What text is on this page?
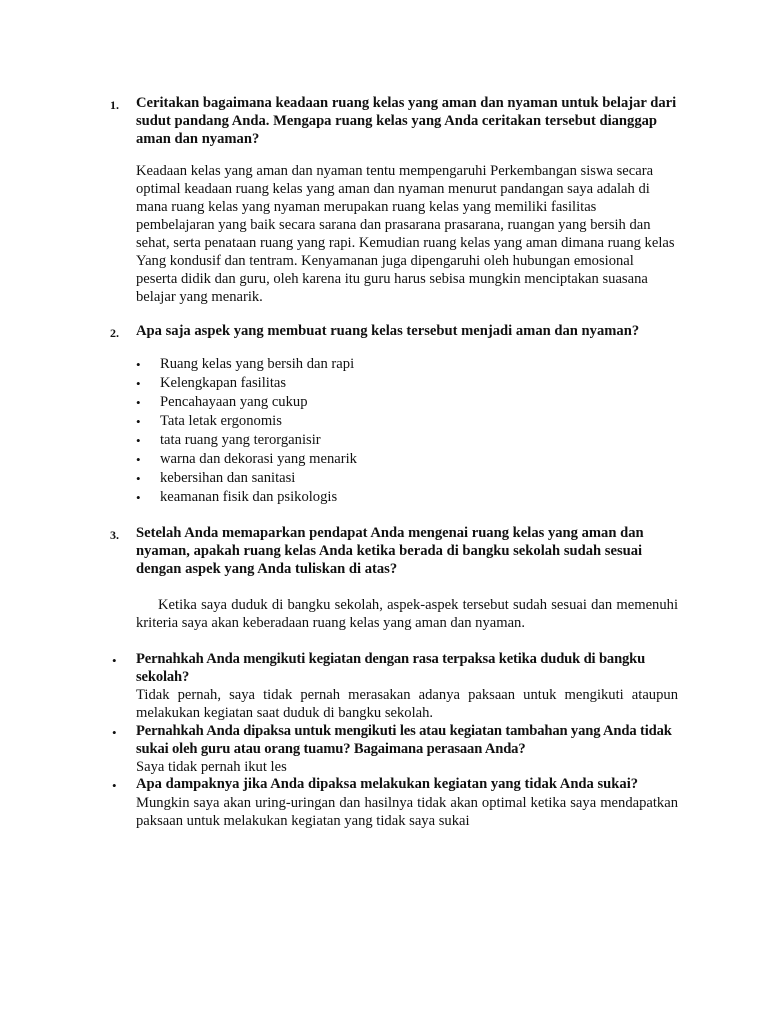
1. Ceritakan bagaimana keadaan ruang kelas yang aman dan nyaman untuk belajar dari sudut pandang Anda. Mengapa ruang kelas yang Anda ceritakan tersebut dianggap aman dan nyaman?
Keadaan kelas yang aman dan nyaman tentu mempengaruhi Perkembangan siswa secara optimal keadaan ruang kelas yang aman dan nyaman menurut pandangan saya adalah di mana ruang kelas yang nyaman merupakan ruang kelas yang memiliki fasilitas pembelajaran yang baik secara sarana dan prasarana prasarana, ruangan yang bersih dan sehat, serta penataan ruang yang rapi. Kemudian ruang kelas yang aman dimana ruang kelas Yang kondusif dan tentram. Kenyamanan juga dipengaruhi oleh hubungan emosional peserta didik dan guru, oleh karena itu guru harus sebisa mungkin menciptakan suasana belajar yang menarik.
2. Apa saja aspek yang membuat ruang kelas tersebut menjadi aman dan nyaman?
• Ruang kelas yang bersih dan rapi
• Kelengkapan fasilitas
• Pencahayaan yang cukup
• Tata letak ergonomis
• tata ruang yang terorganisir
• warna dan dekorasi yang menarik
• kebersihan dan sanitasi
• keamanan fisik dan psikologis
3. Setelah Anda memaparkan pendapat Anda mengenai ruang kelas yang aman dan nyaman, apakah ruang kelas Anda ketika berada di bangku sekolah sudah sesuai dengan aspek yang Anda tuliskan di atas?
Ketika saya duduk di bangku sekolah, aspek-aspek tersebut sudah sesuai dan memenuhi kriteria saya akan keberadaan ruang kelas yang aman dan nyaman.
• Pernahkah Anda mengikuti kegiatan dengan rasa terpaksa ketika duduk di bangku sekolah?
Tidak pernah, saya tidak pernah merasakan adanya paksaan untuk mengikuti ataupun melakukan kegiatan saat duduk di bangku sekolah.
• Pernahkah Anda dipaksa untuk mengikuti les atau kegiatan tambahan yang Anda tidak sukai oleh guru atau orang tuamu? Bagaimana perasaan Anda?
Saya tidak pernah ikut les
• Apa dampaknya jika Anda dipaksa melakukan kegiatan yang tidak Anda sukai?
Mungkin saya akan uring-uringan dan hasilnya tidak akan optimal ketika saya mendapatkan paksaan untuk melakukan kegiatan yang tidak saya sukai
